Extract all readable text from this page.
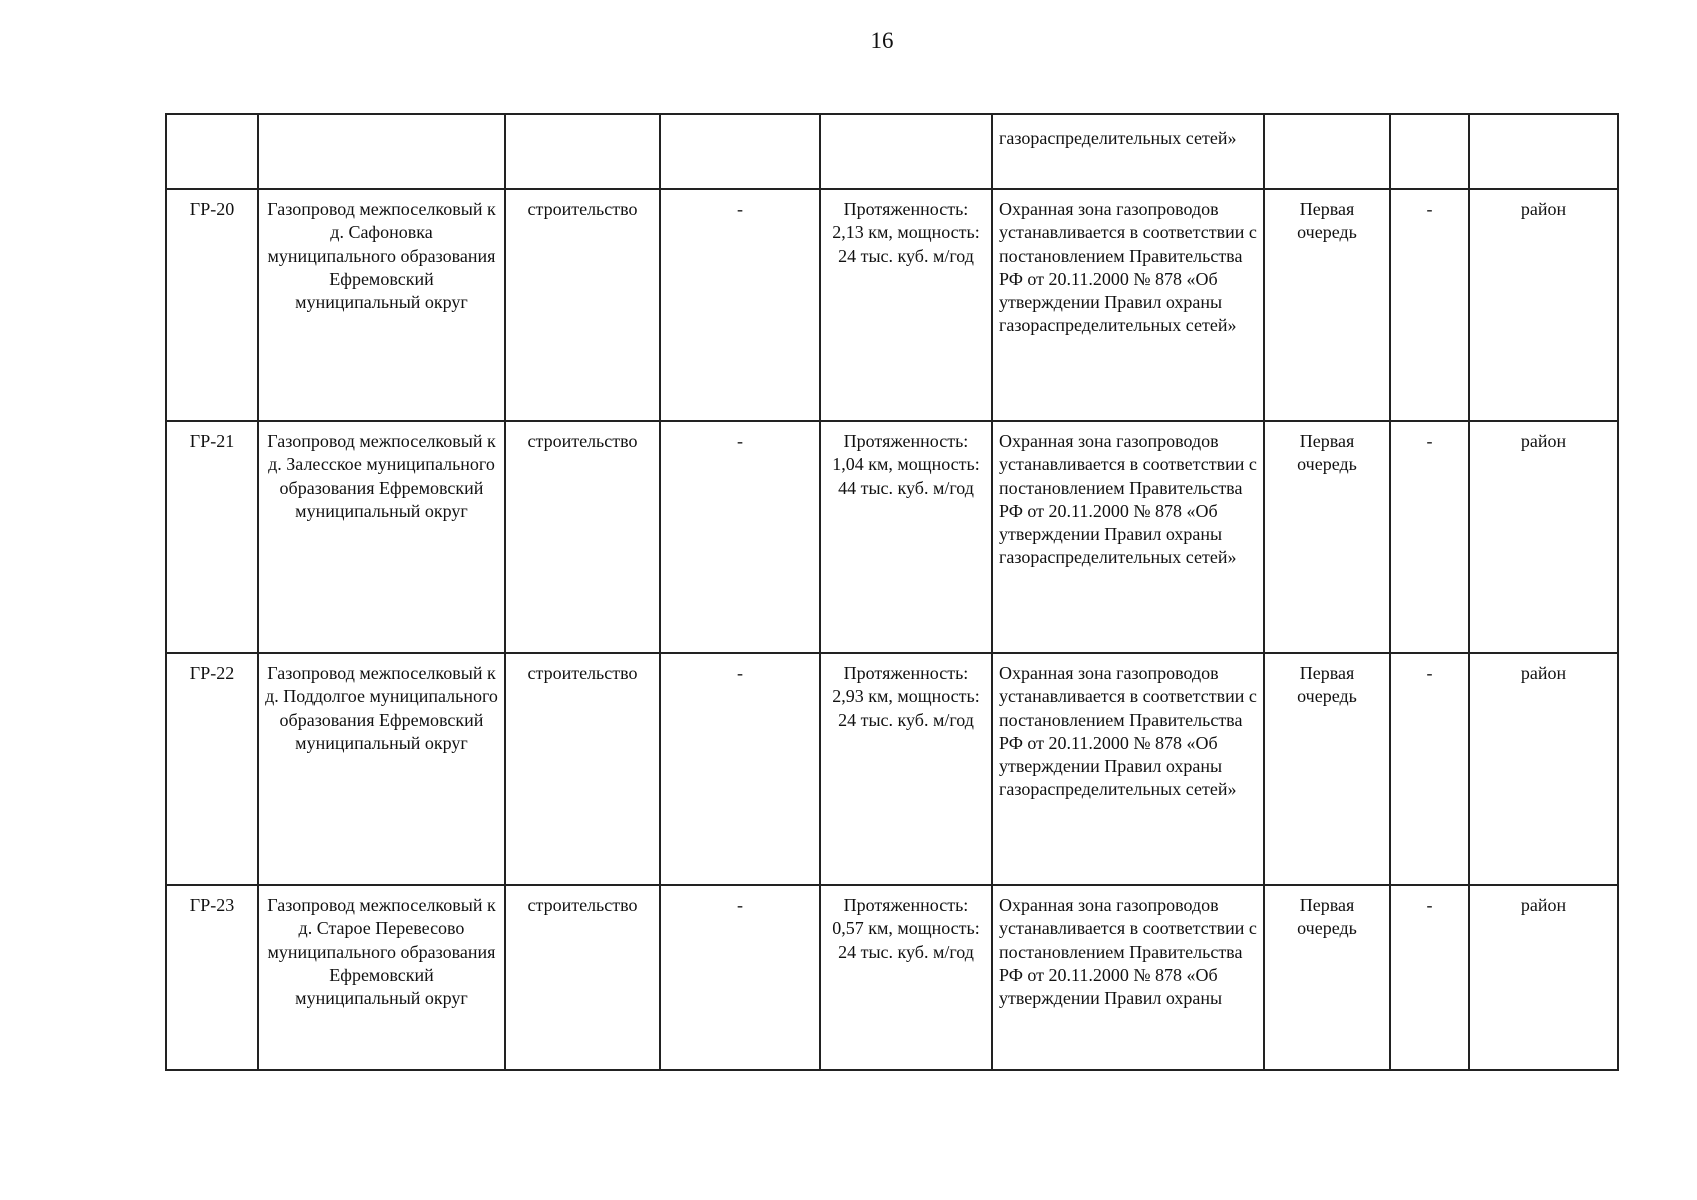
16
					газораспределительных сетей»			
ГР-20	Газопровод межпоселковый к д. Сафоновка муниципального образования Ефремовский муниципальный округ	строительство	-	Протяженность: 2,13 км, мощность: 24 тыс. куб. м/год	Охранная зона газопроводов устанавливается в соответствии с постановлением Правительства РФ от 20.11.2000 № 878 «Об утверждении Правил охраны газораспределительных сетей»	Первая очередь	-	район
ГР-21	Газопровод межпоселковый к д. Залесское муниципального образования Ефремовский муниципальный округ	строительство	-	Протяженность: 1,04 км, мощность: 44 тыс. куб. м/год	Охранная зона газопроводов устанавливается в соответствии с постановлением Правительства РФ от 20.11.2000 № 878 «Об утверждении Правил охраны газораспределительных сетей»	Первая очередь	-	район
ГР-22	Газопровод межпоселковый к д. Поддолгое муниципального образования Ефремовский муниципальный округ	строительство	-	Протяженность: 2,93 км, мощность: 24 тыс. куб. м/год	Охранная зона газопроводов устанавливается в соответствии с постановлением Правительства РФ от 20.11.2000 № 878 «Об утверждении Правил охраны газораспределительных сетей»	Первая очередь	-	район
ГР-23	Газопровод межпоселковый к д. Старое Перевесово муниципального образования Ефремовский муниципальный округ	строительство	-	Протяженность: 0,57 км, мощность: 24 тыс. куб. м/год	Охранная зона газопроводов устанавливается в соответствии с постановлением Правительства РФ от 20.11.2000 № 878 «Об утверждении Правил охраны	Первая очередь	-	район
